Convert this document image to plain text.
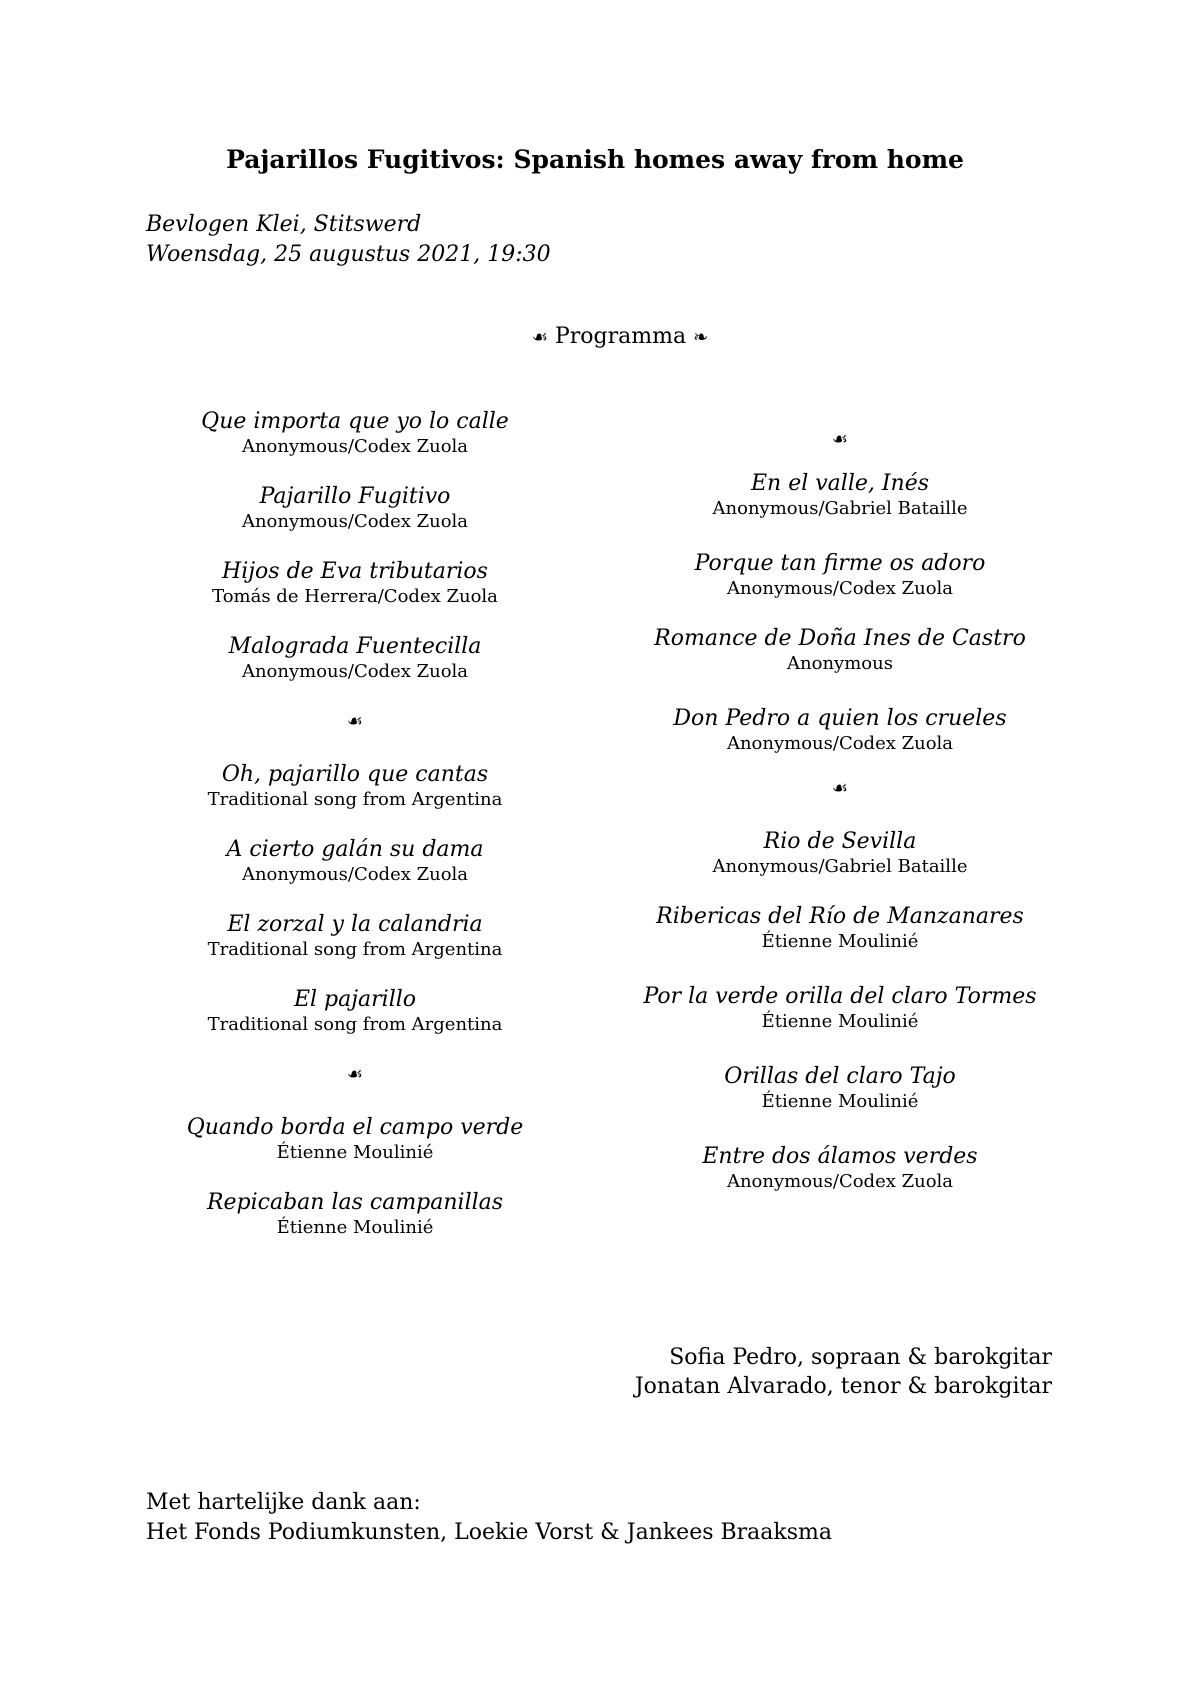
Pajarillos Fugitivos: Spanish homes away from home
Bevlogen Klei, Stitswerd
Woensdag, 25 augustus 2021, 19:30
☙ Programma ❧
Que importa que yo lo calle
Anonymous/Codex Zuola
Pajarillo Fugitivo
Anonymous/Codex Zuola
Hijos de Eva tributarios
Tomás de Herrera/Codex Zuola
Malograda Fuentecilla
Anonymous/Codex Zuola
☙
Oh, pajarillo que cantas
Traditional song from Argentina
A cierto galán su dama
Anonymous/Codex Zuola
El zorzal y la calandria
Traditional song from Argentina
El pajarillo
Traditional song from Argentina
☙
Quando borda el campo verde
Étienne Moulinié
Repicaban las campanillas
Étienne Moulinié
☙
En el valle, Inés
Anonymous/Gabriel Bataille
Porque tan firme os adoro
Anonymous/Codex Zuola
Romance de Doña Ines de Castro
Anonymous
Don Pedro a quien los crueles
Anonymous/Codex Zuola
☙
Rio de Sevilla
Anonymous/Gabriel Bataille
Ribericas del Río de Manzanares
Étienne Moulinié
Por la verde orilla del claro Tormes
Étienne Moulinié
Orillas del claro Tajo
Étienne Moulinié
Entre dos álamos verdes
Anonymous/Codex Zuola
Sofia Pedro, sopraan & barokgitar
Jonatan Alvarado, tenor & barokgitar
Met hartelijke dank aan:
Het Fonds Podiumkunsten, Loekie Vorst & Jankees Braaksma
